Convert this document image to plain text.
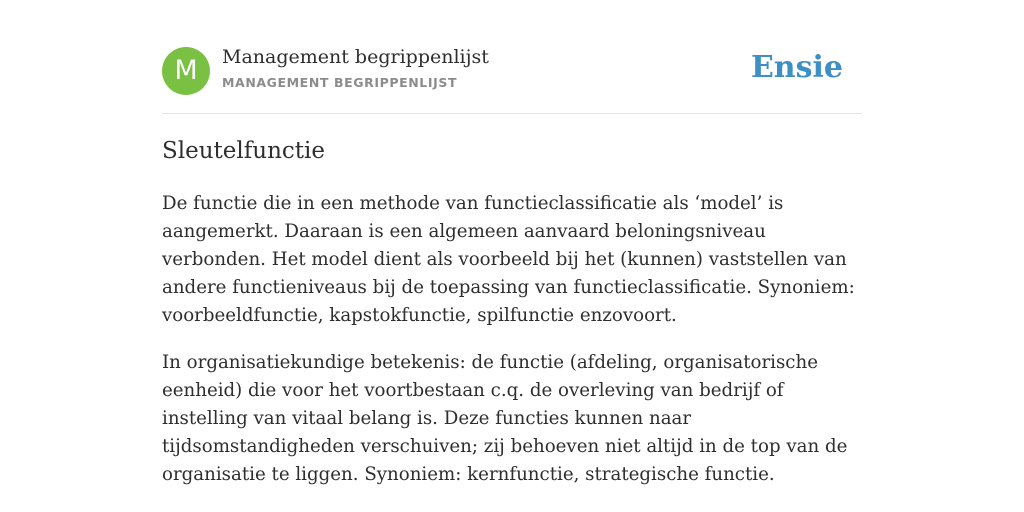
M	Management begrippenlijst
MANAGEMENT BEGRIPPENLIJST	Ensie
Sleutelfunctie

De functie die in een methode van functieclassificatie als ‘model’ is aangemerkt. Daaraan is een algemeen aanvaard beloningsniveau verbonden. Het model dient als voorbeeld bij het (kunnen) vaststellen van andere functieniveaus bij de toepassing van functieclassificatie. Synoniem: voorbeeldfunctie, kapstokfunctie, spilfunctie enzovoort.

In organisatiekundige betekenis: de functie (afdeling, organisatorische eenheid) die voor het voortbestaan c.q. de overleving van bedrijf of instelling van vitaal belang is. Deze functies kunnen naar tijdsomstandigheden verschuiven; zij behoeven niet altijd in de top van de organisatie te liggen. Synoniem: kernfunctie, strategische functie.
